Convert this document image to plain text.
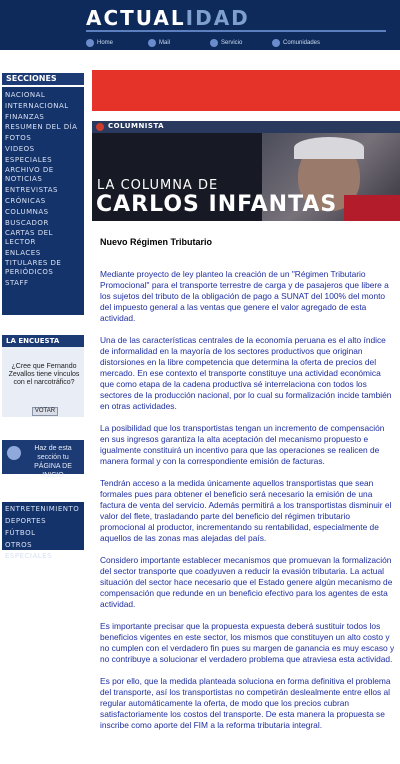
ACTUALIDAD
Home	Mail	Servicio	Comunidades
SECCIONES
NACIONAL
INTERNACIONAL
FINANZAS
RESUMEN DEL DÍA
FOTOS
VIDEOS
ESPECIALES
ARCHIVO DE NOTICIAS
ENTREVISTAS
CRÓNICAS
COLUMNAS
BUSCADOR
CARTAS DEL LECTOR
ENLACES
TITULARES DE PERIÓDICOS
STAFF
LA ENCUESTA
¿Cree que Fernando Zevallos tiene vínculos con el narcotráfico?
VOTAR
Haz de esta sección tu PÁGINA DE INICIO
ENTRETENIMIENTO
DEPORTES
FÚTBOL
OTROS ESPECIALES
COLUMNISTA
LA COLUMNA DE
CARLOS INFANTAS
Nuevo Régimen Tributario

Mediante proyecto de ley planteo la creación de un "Régimen Tributario Promocional" para el transporte terrestre de carga y de pasajeros que libere a los sujetos del tributo de la obligación de pago a SUNAT del 100% del monto del impuesto general a las ventas que genere el valor agregado de esta actividad.

Una de las características centrales de la economía peruana es el alto índice de informalidad en la mayoría de los sectores productivos que originan distorsiones en la libre competencia que determina la oferta de precios del mercado. En ese contexto el transporte constituye una actividad económica que como etapa de la cadena productiva sé interrelaciona con todos los sectores de la producción nacional, por lo cual su formalización incide también en otras actividades.

La posibilidad que los transportistas tengan un incremento de compensación en sus ingresos garantiza la alta aceptación del mecanismo propuesto e igualmente constituirá un incentivo para que las operaciones se realicen de manera formal y con la correspondiente emisión de facturas.

Tendrán acceso a la medida únicamente aquellos transportistas que sean formales pues para obtener el beneficio será necesario la emisión de una factura de venta del servicio. Además permitirá a los transportistas disminuir el valor del flete, trasladando parte del beneficio del régimen tributario promocional al productor, incrementando su rentabilidad, especialmente de aquellos de las zonas mas alejadas del país.

Considero importante establecer mecanismos que promuevan la formalización del sector transporte que coadyuven a reducir la evasión tributaria. La actual situación del sector hace necesario que el Estado genere algún mecanismo de compensación que redunde en un beneficio efectivo para los agentes de esta actividad.

Es importante precisar que la propuesta expuesta deberá sustituir todos los beneficios vigentes en este sector, los mismos que constituyen un alto costo y no cumplen con el verdadero fin pues su margen de ganancia es muy escaso y no contribuye a solucionar el verdadero problema que atraviesa esta actividad.

Es por ello, que la medida planteada soluciona en forma definitiva el problema del transporte, así los transportistas no competirán deslealmente entre ellos al regular automáticamente la oferta, de modo que los precios cubran satisfactoriamente los costos del transporte. De esta manera la propuesta se inscribe como aporte del FIM a la reforma tributaria integral.
